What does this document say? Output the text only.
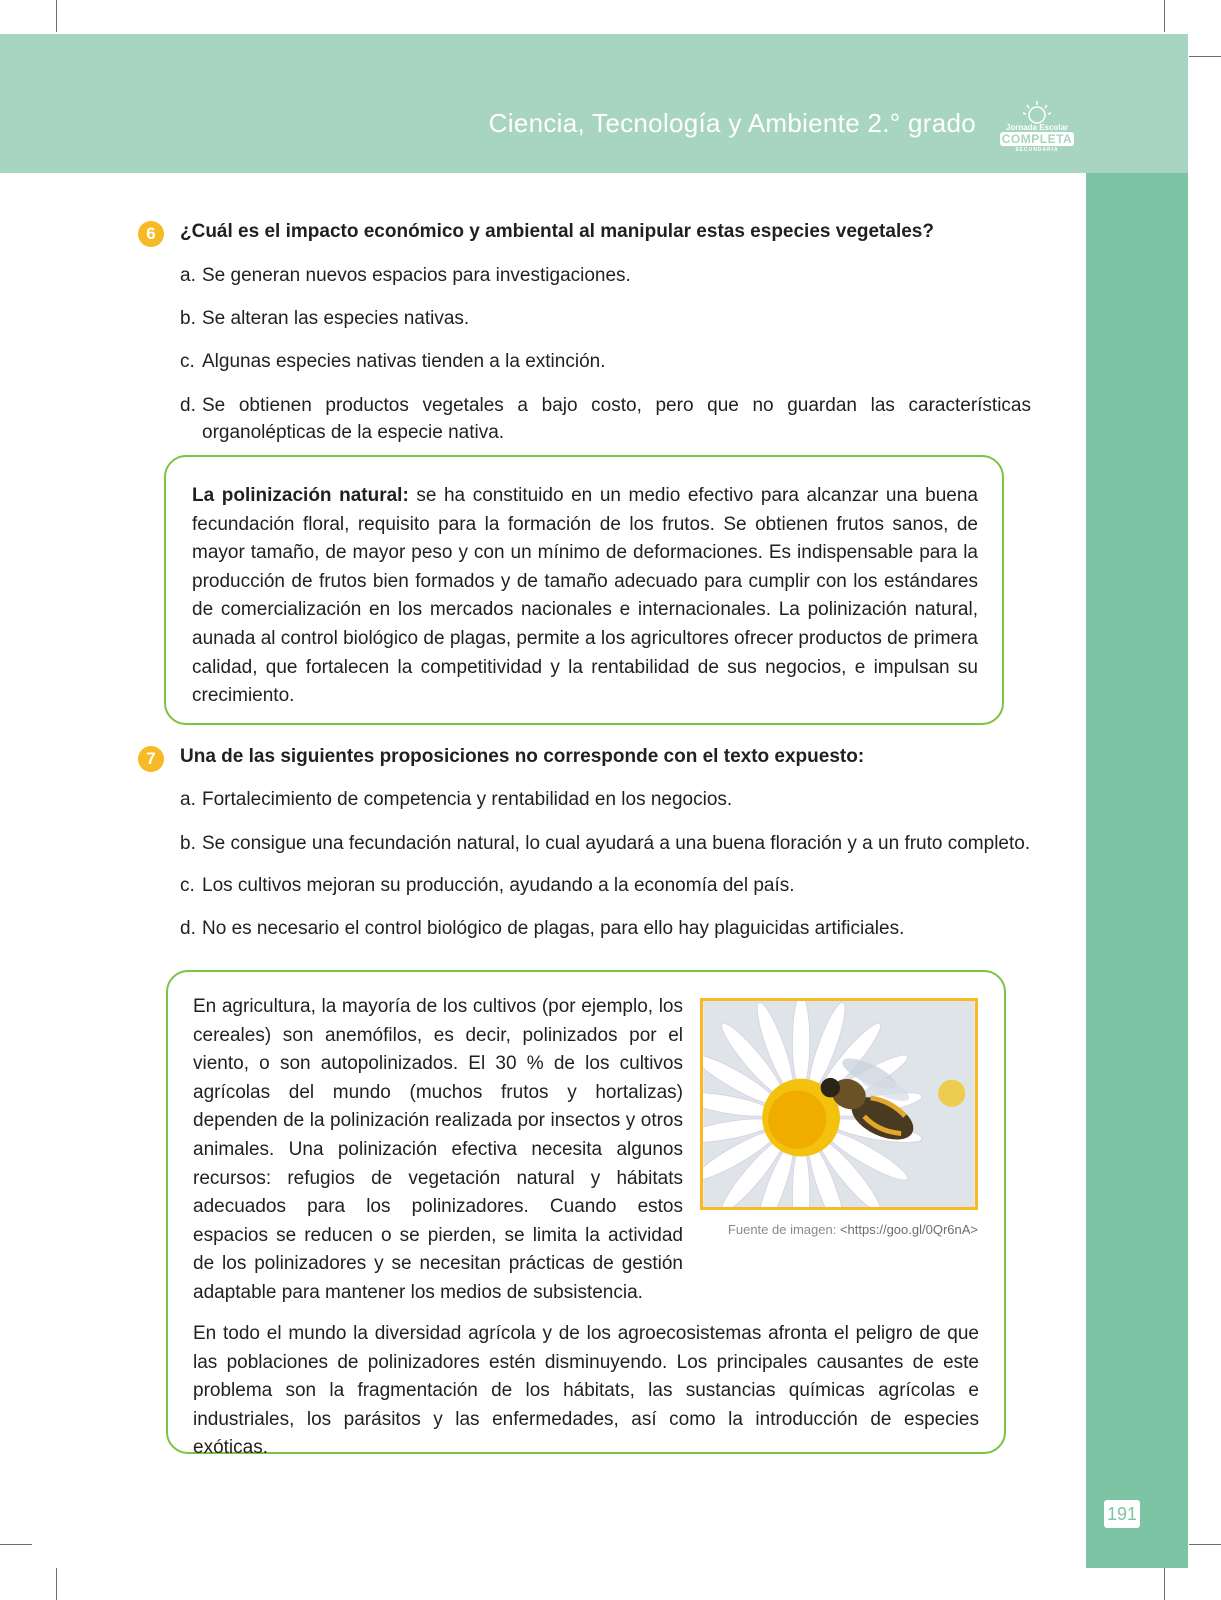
Ciencia, Tecnología y Ambiente 2.° grado	Jornada Escolar
COMPLETA
SECUNDARIA
191
6	¿Cuál es el impacto económico y ambiental al manipular estas especies vegetales?
a. Se generan nuevos espacios para investigaciones.
b. Se alteran las especies nativas.
c. Algunas especies nativas tienden a la extinción.
d. Se obtienen productos vegetales a bajo costo, pero que no guardan las características organolépticas de la especie nativa.
La polinización natural: se ha constituido en un medio efectivo para alcanzar una buena fecundación floral, requisito para la formación de los frutos. Se obtienen frutos sanos, de mayor tamaño, de mayor peso y con un mínimo de deformaciones. Es indispensable para la producción de frutos bien formados y de tamaño adecuado para cumplir con los estándares de comercialización en los mercados nacionales e internacionales. La polinización natural, aunada al control biológico de plagas, permite a los agricultores ofrecer productos de primera calidad, que fortalecen la competitividad y la rentabilidad de sus negocios, e impulsan su crecimiento.
7	Una de las siguientes proposiciones no corresponde con el texto expuesto:
a. Fortalecimiento de competencia y rentabilidad en los negocios.
b. Se consigue una fecundación natural, lo cual ayudará a una buena floración y a un fruto completo.
c. Los cultivos mejoran su producción, ayudando a la economía del país.
d. No es necesario el control biológico de plagas, para ello hay plaguicidas artificiales.
En agricultura, la mayoría de los cultivos (por ejemplo, los cereales) son anemófilos, es decir, polinizados por el viento, o son autopolinizados. El 30 % de los cultivos agrícolas del mundo (muchos frutos y hortalizas) dependen de la polinización realizada por insectos y otros animales. Una polinización efectiva necesita algunos recursos: refugios de vegetación natural y hábitats adecuados para los polinizadores. Cuando estos espacios se reducen o se pierden, se limita la actividad de los polinizadores y se necesitan prácticas de gestión adaptable para mantener los medios de subsistencia.
Fuente de imagen: <https://goo.gl/0Qr6nA>
En todo el mundo la diversidad agrícola y de los agroecosistemas afronta el peligro de que las poblaciones de polinizadores estén disminuyendo. Los principales causantes de este problema son la fragmentación de los hábitats, las sustancias químicas agrícolas e industriales, los parásitos y las enfermedades, así como la introducción de especies exóticas.
